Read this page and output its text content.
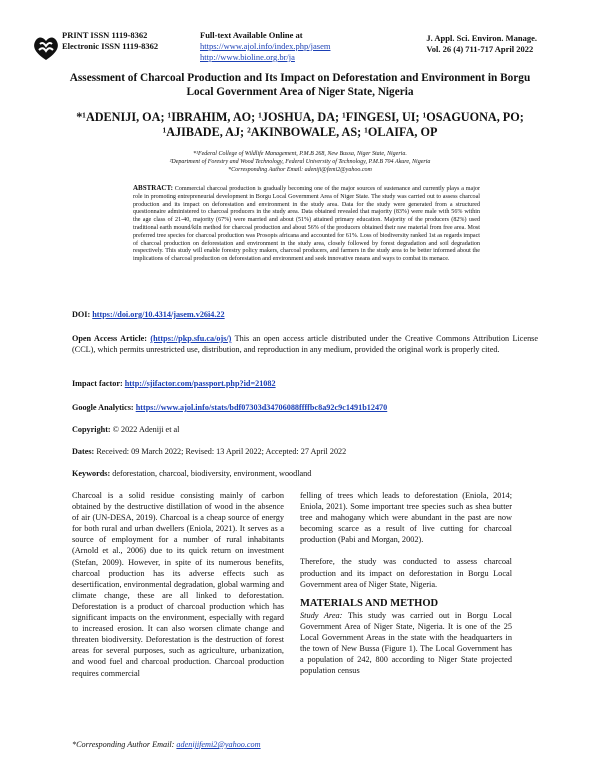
PRINT ISSN 1119-8362
Electronic ISSN 1119-8362
Full-text Available Online at
https://www.ajol.info/index.php/jasem
http://www.bioline.org.br/ja
J. Appl. Sci. Environ. Manage.
Vol. 26 (4) 711-717 April 2022
Assessment of Charcoal Production and Its Impact on Deforestation and Environment in Borgu Local Government Area of Niger State, Nigeria
*¹ADENIJI, OA; ¹IBRAHIM, AO; ¹JOSHUA, DA; ¹FINGESI, UI; ¹OSAGUONA, PO;
¹AJIBADE, AJ; ²AKINBOWALE, AS; ¹OLAIFA, OP
*¹Federal College of Wildlife Management, P.M.B 268, New Bussa, Niger State, Nigeria.
²Department of Forestry and Wood Technology, Federal University of Technology, P.M.B 704 Akure, Nigeria
*Corresponding Author Email: adeniji@femi2@yahoo.com
ABSTRACT: Commercial charcoal production is gradually becoming one of the major sources of sustenance and currently plays a major role in promoting entrepreneurial development in Borgu Local Government Area of Niger State. The study was carried out to assess charcoal production and its impact on deforestation and environment in the study area. Data for the study were generated from a structured questionnaire administered to charcoal producers in the study area. Data obtained revealed that majority (83%) were male with 56% within the age class of 21-40, majority (67%) were married and about (51%) attained primary education. Majority of the producers (82%) used traditional earth mound/kiln method for charcoal production and about 56% of the producers obtained their raw material from free area. Most preferred tree species for charcoal production was Prosopis africana and accounted for 61%. Loss of biodiversity ranked 1st as regards impact of charcoal production on deforestation and environment in the study area, closely followed by forest degradation and soil degradation respectively. This study will enable forestry policy makers, charcoal producers, and farmers in the study area to be better informed about the implications of charcoal production on deforestation and environment and seek innovative means and ways to combat its menace.
DOI: https://doi.org/10.4314/jasem.v26i4.22
Open Access Article: (https://pkp.sfu.ca/ojs/) This an open access article distributed under the Creative Commons Attribution License (CCL), which permits unrestricted use, distribution, and reproduction in any medium, provided the original work is properly cited.
Impact factor: http://sjifactor.com/passport.php?id=21082
Google Analytics: https://www.ajol.info/stats/bdf07303d34706088ffffbc8a92c9c1491b12470
Copyright: © 2022 Adeniji et al
Dates: Received: 09 March 2022; Revised: 13 April 2022; Accepted: 27 April 2022
Keywords: deforestation, charcoal, biodiversity, environment, woodland

Charcoal is a solid residue consisting mainly of carbon obtained by the destructive distillation of wood in the absence of air (UN-DESA, 2019). Charcoal is a cheap source of energy for both rural and urban dwellers (Eniola, 2021). It serves as a source of employment for a number of rural inhabitants (Arnold et al., 2006) due to its quick return on investment (Stefan, 2009). However, in spite of its numerous benefits, charcoal production has its adverse effects such as desertification, environmental degradation, global warming and climate change, these are all linked to deforestation. Deforestation is a product of charcoal production which has significant impacts on the environment, especially with regard to increased erosion. It can also worsen climate change and threaten biodiversity. Deforestation is the destruction of forest areas for several purposes, such as agriculture, urbanization, and wood fuel and charcoal production. Charcoal production requires commercial

felling of trees which leads to deforestation (Eniola, 2014; Eniola, 2021). Some important tree species such as shea butter tree and mahogany which were abundant in the past are now becoming scarce as a result of live cutting for charcoal production (Pabi and Morgan, 2002).

Therefore, the study was conducted to assess charcoal production and its impact on deforestation in Borgu Local Government area of Niger State, Nigeria.

MATERIALS AND METHOD

Study Area: This study was carried out in Borgu Local Government Area of Niger State, Nigeria. It is one of the 25 Local Government Areas in the state with the headquarters in the town of New Bussa (Figure 1). The Local Government has a population of 242, 800 according to Niger State projected population census

*Corresponding Author Email: adenijifemi2@yahoo.com
